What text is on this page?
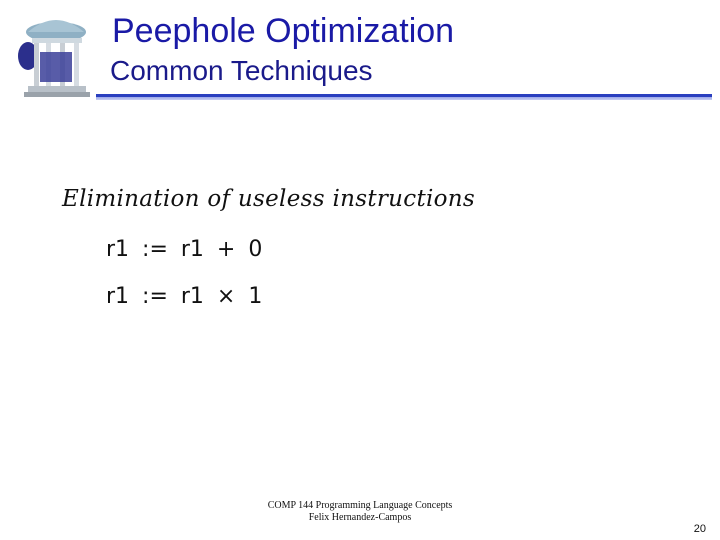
Peephole Optimization
Common Techniques
Elimination of useless instructions
r1 := r1 + 0
r1 := r1 × 1
COMP 144 Programming Language Concepts
Felix Hernandez-Campos
20
